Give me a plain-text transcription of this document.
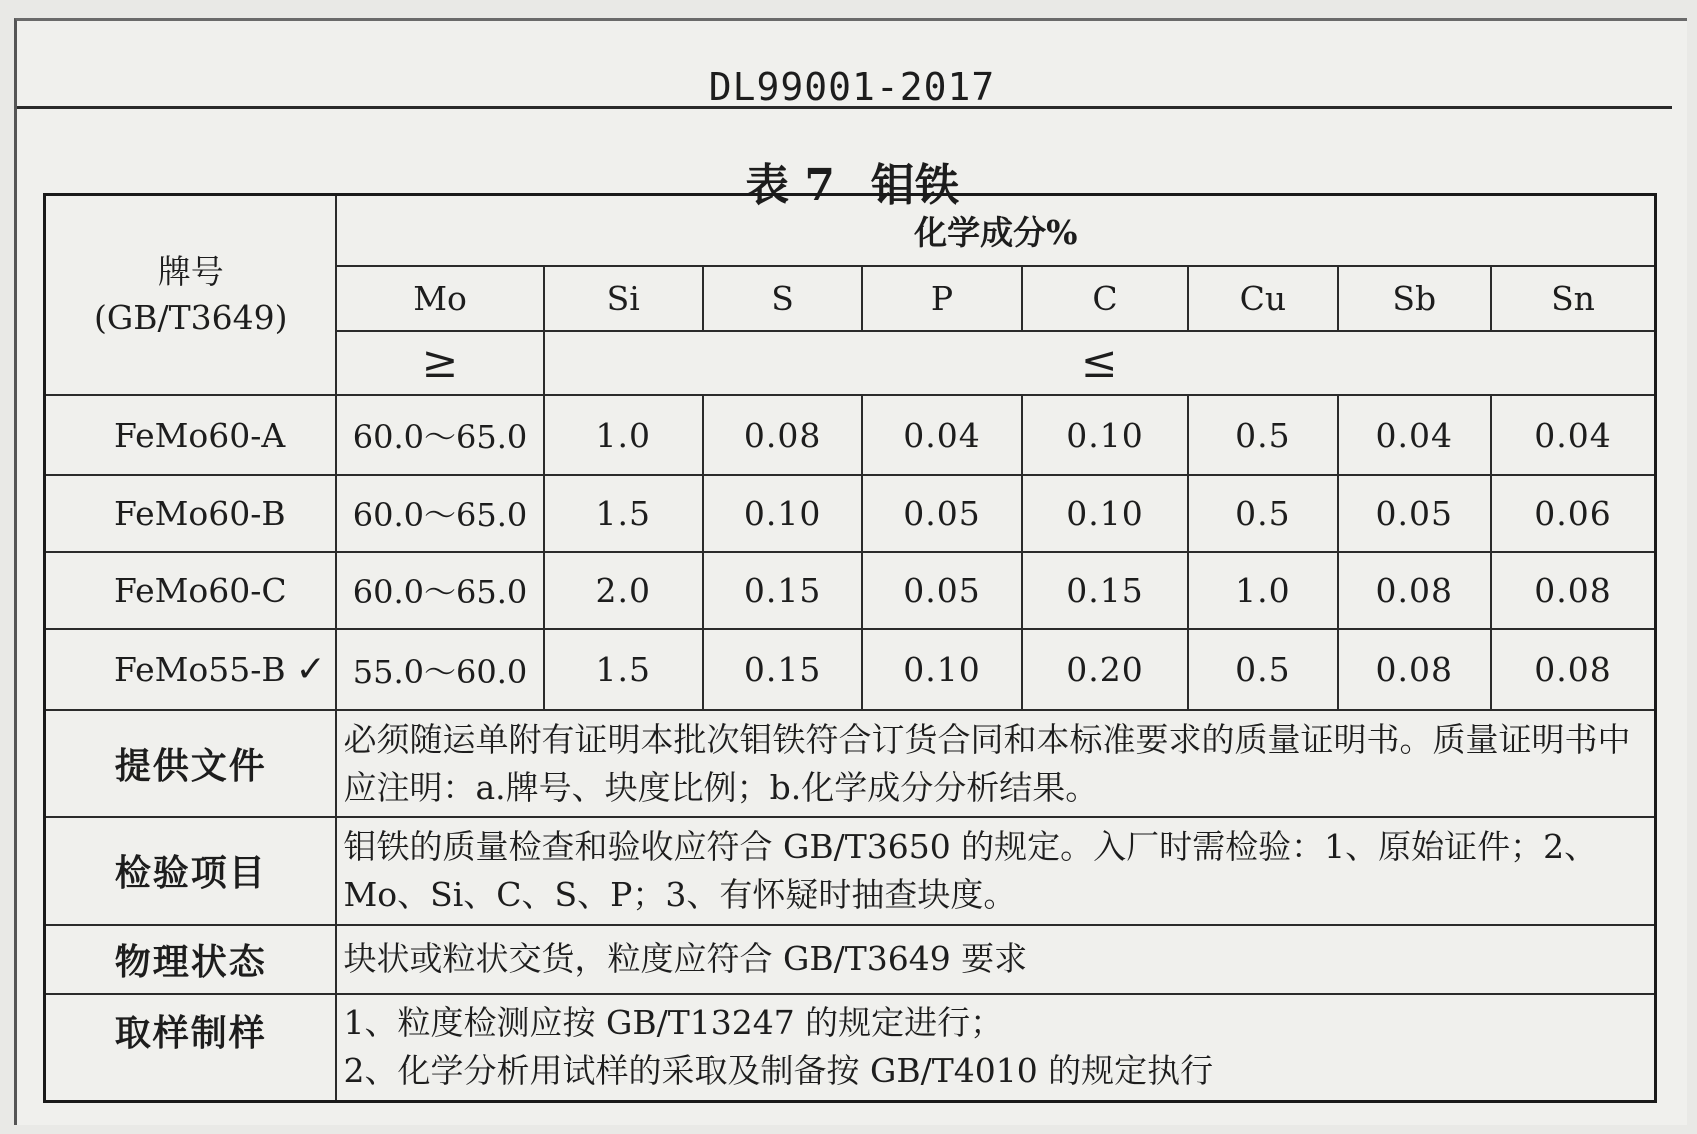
DL99001-2017
表 7 钼铁
牌号
(GB/T3649)	化学成分%							
	Mo	Si	S	P	C	Cu	Sb	Sn
	≥	≤						
FeMo60-A	60.0～65.0	1.0	0.08	0.04	0.10	0.5	0.04	0.04
FeMo60-B	60.0～65.0	1.5	0.10	0.05	0.10	0.5	0.05	0.06
FeMo60-C	60.0～65.0	2.0	0.15	0.05	0.15	1.0	0.08	0.08
FeMo55-B ✓	55.0～60.0	1.5	0.15	0.10	0.20	0.5	0.08	0.08
提供文件	必须随运单附有证明本批次钼铁符合订货合同和本标准要求的质量证明书。质量证明书中应注明：a.牌号、块度比例；b.化学成分分析结果。							
检验项目	钼铁的质量检查和验收应符合 GB/T3650 的规定。入厂时需检验：1、原始证件；2、Mo、Si、C、S、P；3、有怀疑时抽查块度。							
物理状态	块状或粒状交货，粒度应符合 GB/T3649 要求							
取样制样	1、粒度检测应按 GB/T13247 的规定进行；
2、化学分析用试样的采取及制备按 GB/T4010 的规定执行							
